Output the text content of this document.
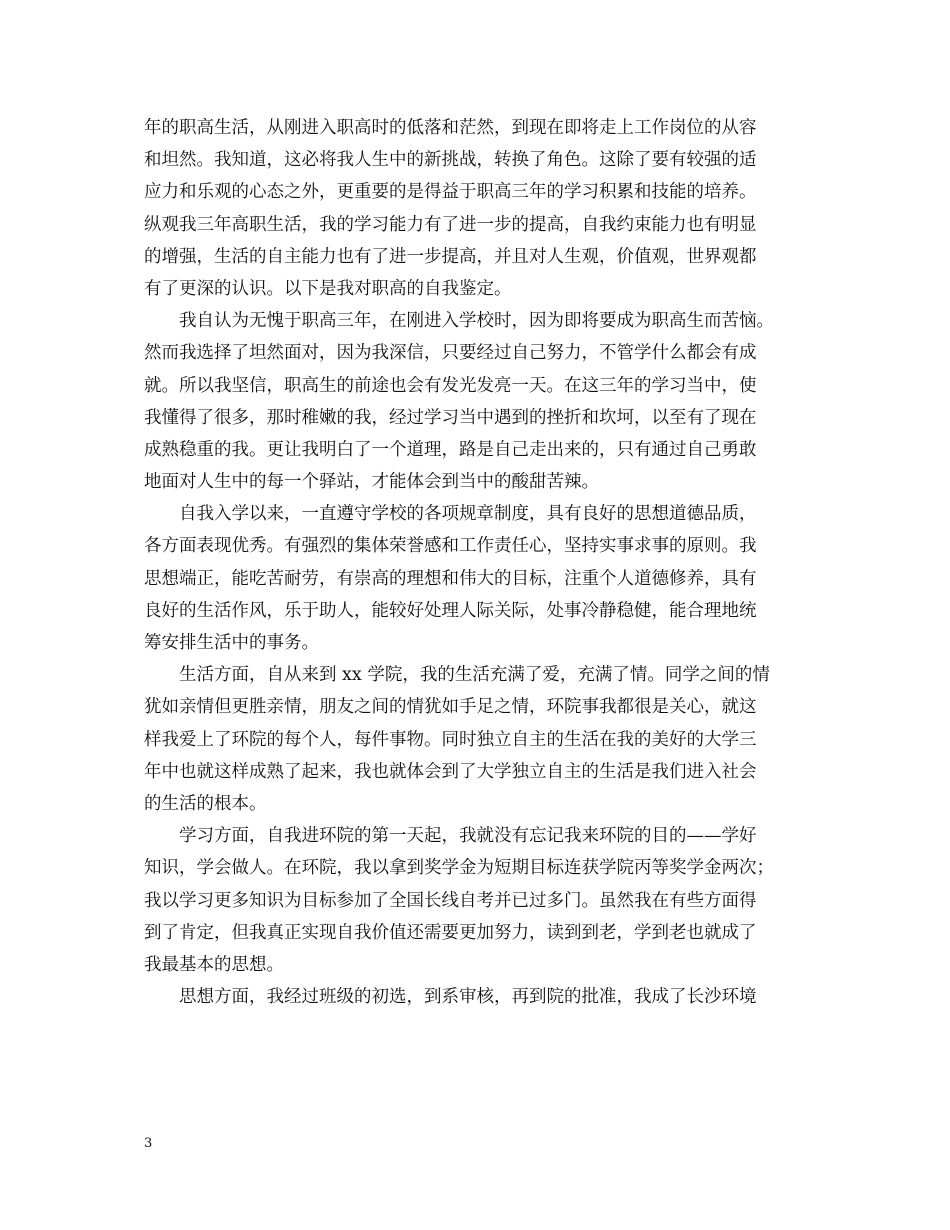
年的职高生活，从刚进入职高时的低落和茫然，到现在即将走上工作岗位的从容
和坦然。我知道，这必将我人生中的新挑战，转换了角色。这除了要有较强的适
应力和乐观的心态之外，更重要的是得益于职高三年的学习积累和技能的培养。
纵观我三年高职生活，我的学习能力有了进一步的提高，自我约束能力也有明显
的增强，生活的自主能力也有了进一步提高，并且对人生观，价值观，世界观都
有了更深的认识。以下是我对职高的自我鉴定。
我自认为无愧于职高三年，在刚进入学校时，因为即将要成为职高生而苦恼。
然而我选择了坦然面对，因为我深信，只要经过自己努力，不管学什么都会有成
就。所以我坚信，职高生的前途也会有发光发亮一天。在这三年的学习当中，使
我懂得了很多，那时稚嫩的我，经过学习当中遇到的挫折和坎坷，以至有了现在
成熟稳重的我。更让我明白了一个道理，路是自己走出来的，只有通过自己勇敢
地面对人生中的每一个驿站，才能体会到当中的酸甜苦辣。
自我入学以来，一直遵守学校的各项规章制度，具有良好的思想道德品质，
各方面表现优秀。有强烈的集体荣誉感和工作责任心，坚持实事求事的原则。我
思想端正，能吃苦耐劳，有崇高的理想和伟大的目标，注重个人道德修养，具有
良好的生活作风，乐于助人，能较好处理人际关际，处事冷静稳健，能合理地统
筹安排生活中的事务。
生活方面，自从来到 xx 学院，我的生活充满了爱，充满了情。同学之间的情
犹如亲情但更胜亲情，朋友之间的情犹如手足之情，环院事我都很是关心，就这
样我爱上了环院的每个人，每件事物。同时独立自主的生活在我的美好的大学三
年中也就这样成熟了起来，我也就体会到了大学独立自主的生活是我们进入社会
的生活的根本。
学习方面，自我进环院的第一天起，我就没有忘记我来环院的目的——学好
知识，学会做人。在环院，我以拿到奖学金为短期目标连获学院丙等奖学金两次；
我以学习更多知识为目标参加了全国长线自考并已过多门。虽然我在有些方面得
到了肯定，但我真正实现自我价值还需要更加努力，读到到老，学到老也就成了
我最基本的思想。
思想方面，我经过班级的初选，到系审核，再到院的批准，我成了长沙环境
3
